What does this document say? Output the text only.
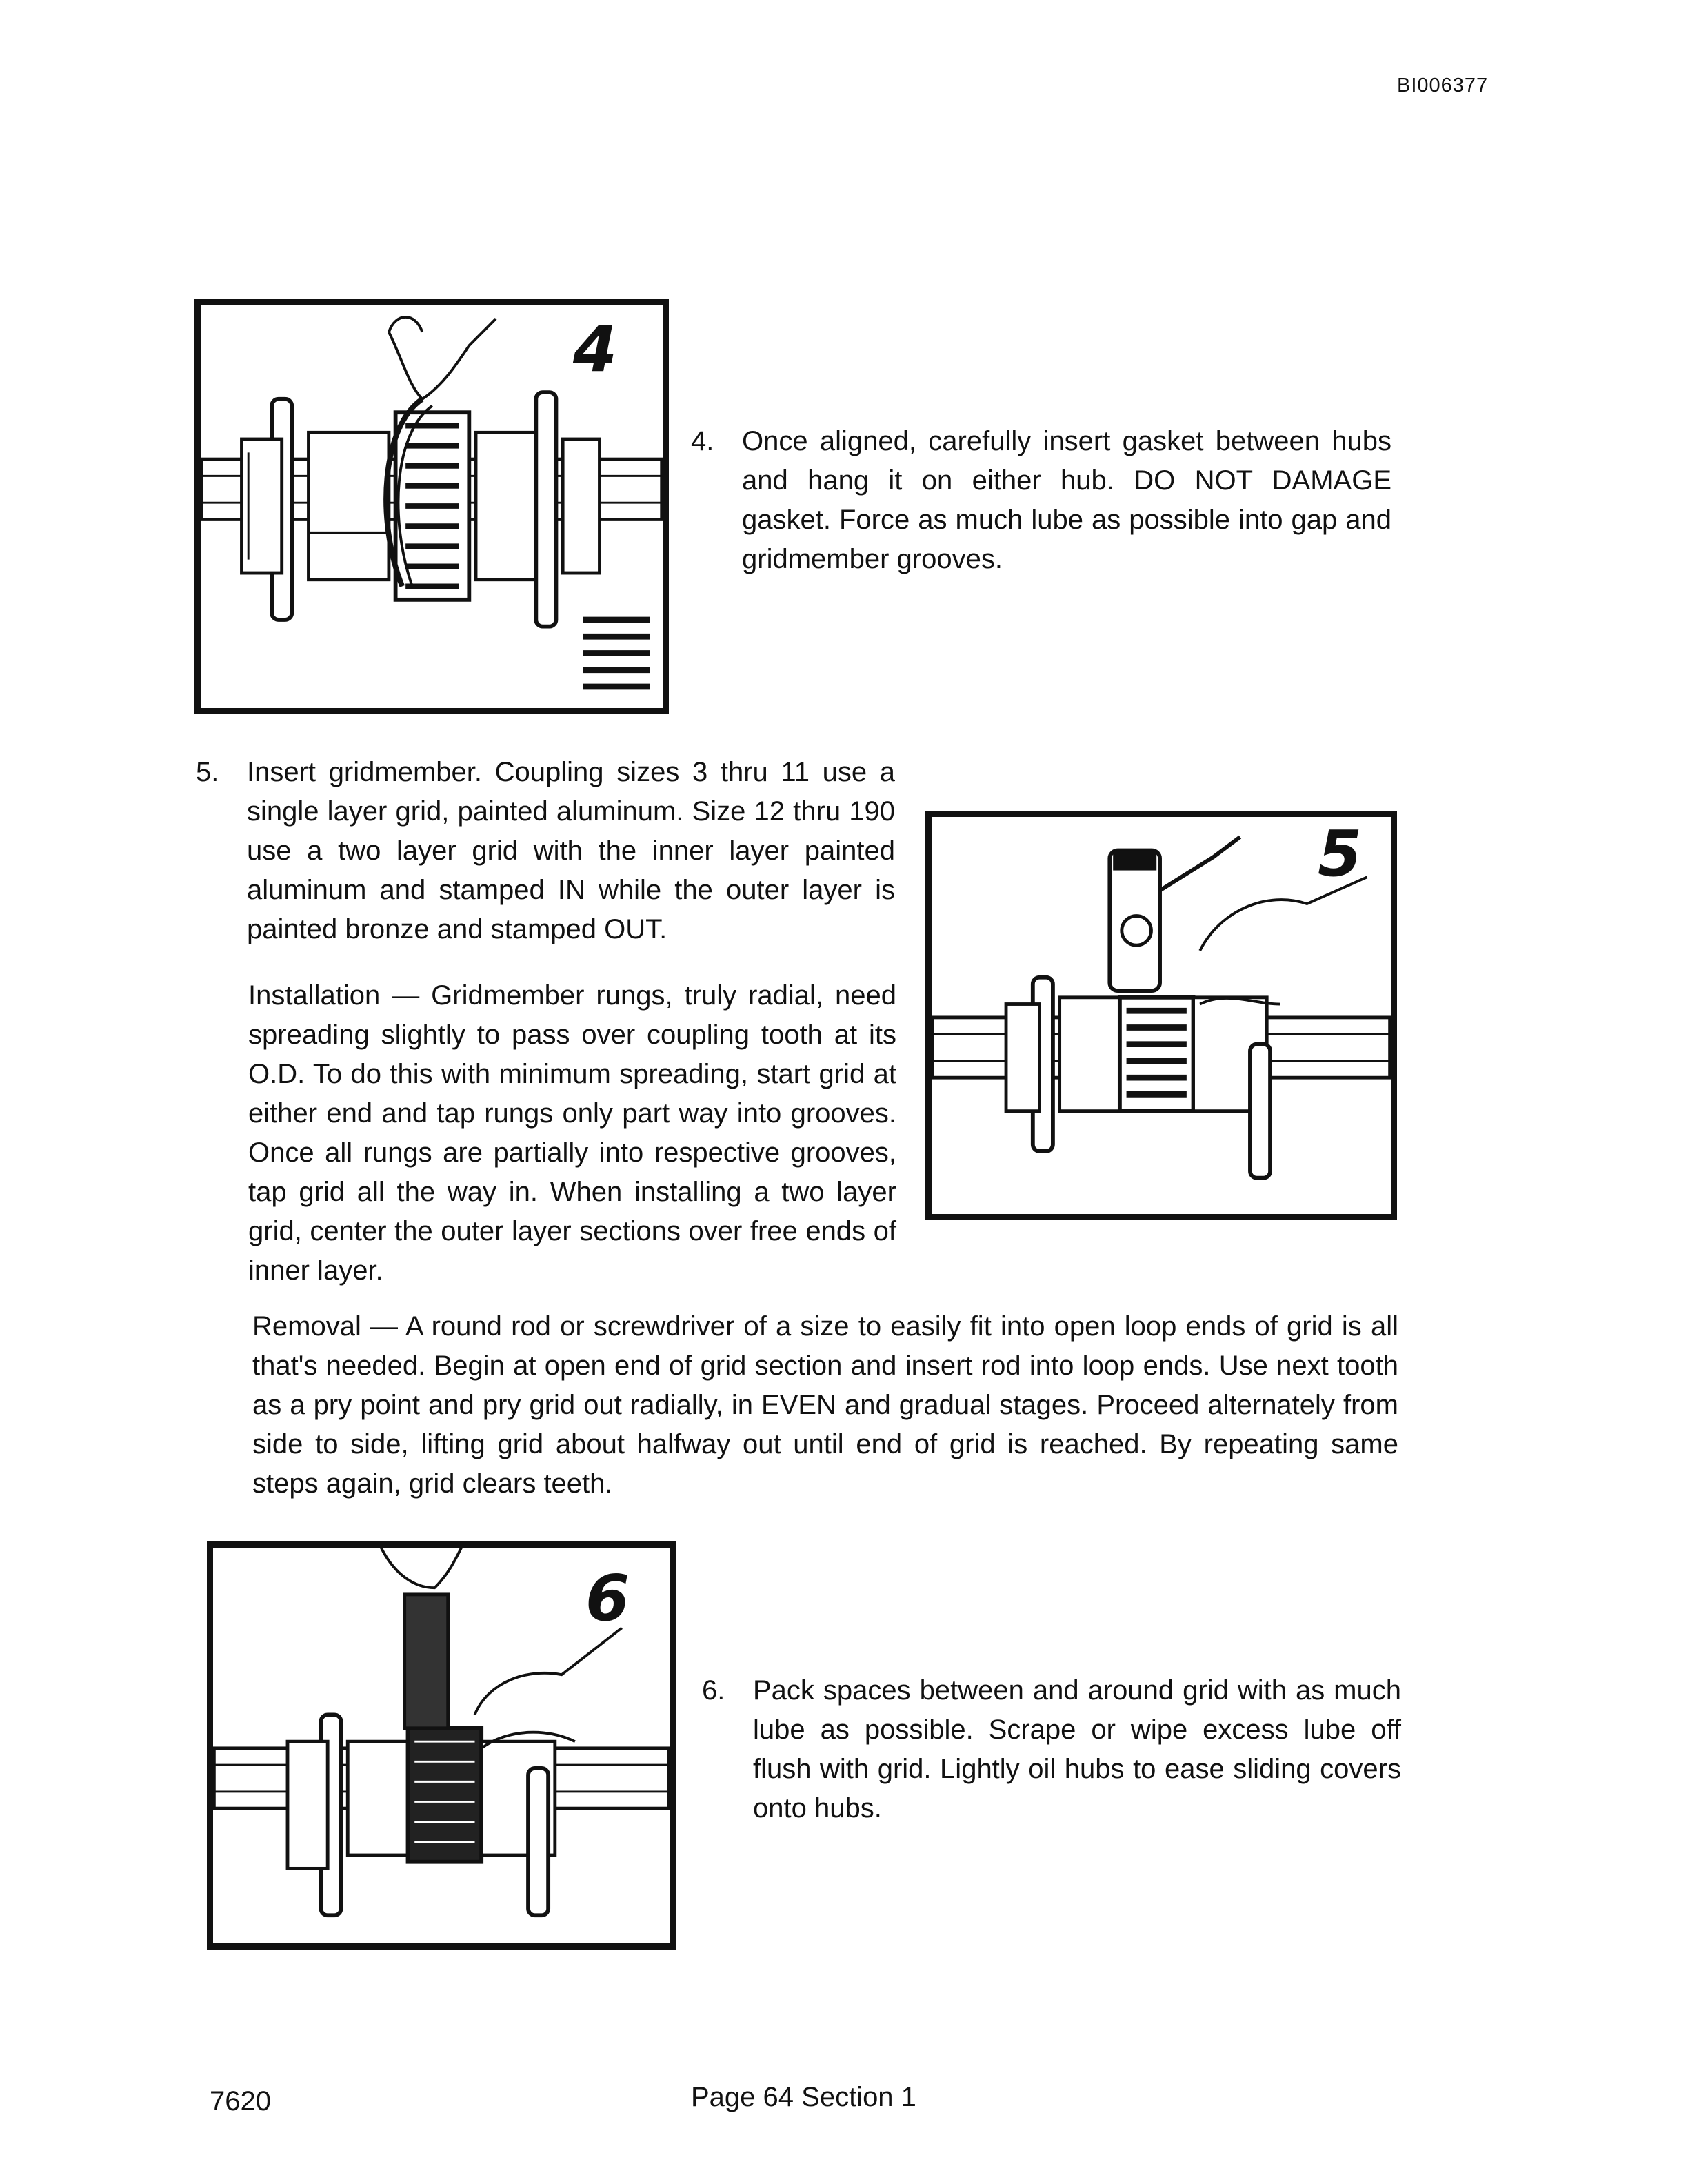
BI006377
4
4. Once aligned, carefully insert gasket between hubs and hang it on either hub. DO NOT DAMAGE gasket. Force as much lube as possible into gap and gridmember grooves.
5. Insert gridmember. Coupling sizes 3 thru 11 use a single layer grid, painted aluminum. Size 12 thru 190 use a two layer grid with the inner layer painted aluminum and stamped IN while the outer layer is painted bronze and stamped OUT.
5
Installation — Gridmember rungs, truly radial, need spreading slightly to pass over coupling tooth at its O.D. To do this with minimum spreading, start grid at either end and tap rungs only part way into grooves. Once all rungs are partially into respective grooves, tap grid all the way in. When installing a two layer grid, center the outer layer sections over free ends of inner layer.
Removal — A round rod or screwdriver of a size to easily fit into open loop ends of grid is all that's needed. Begin at open end of grid section and insert rod into loop ends. Use next tooth as a pry point and pry grid out radially, in EVEN and gradual stages. Proceed alternately from side to side, lifting grid about halfway out until end of grid is reached. By repeating same steps again, grid clears teeth.
6
6. Pack spaces between and around grid with as much lube as possible. Scrape or wipe excess lube off flush with grid. Lightly oil hubs to ease sliding covers onto hubs.
7620	Page 64 Section 1
